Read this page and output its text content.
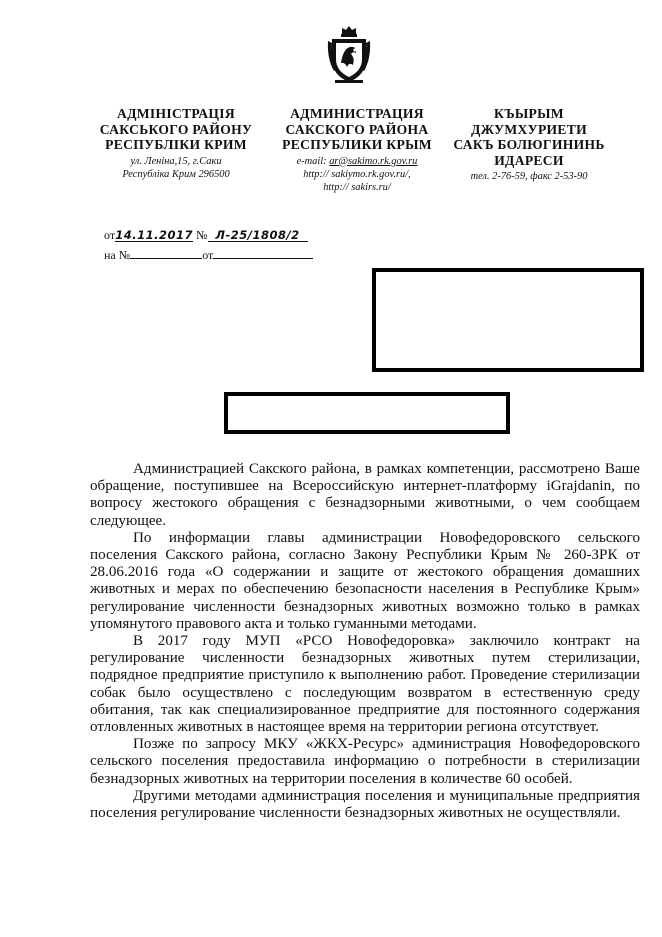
АДМІНІСТРАЦІЯ
САКСЬКОГО РАЙОНУ
РЕСПУБЛІКИ КРИМ
ул. Леніна,15, г.Саки
Республіка Крим 296500
АДМИНИСТРАЦИЯ
САКСКОГО РАЙОНА
РЕСПУБЛИКИ КРЫМ
e-mail: ar@sakimo.rk.gov.ru
http:// sakiymo.rk.gov.ru/,
http:// sakirs.ru/
КЪЫРЫМ ДЖУМХУРИЕТИ
САКЪ БОЛЮГИНИНЬ
ИДАРЕСИ
тел. 2-76-59, факс 2-53-90
от14.11.2017 № Л-25/1808/2
на №	от

Администрацией Сакского района, в рамках компетенции, рассмотрено Ваше обращение, поступившее на Всероссийскую интернет-платформу iGrajdanin, по вопросу жестокого обращения с безнадзорными животными, о чем сообщаем следующее.

По информации главы администрации Новофедоровского сельского поселения Сакского района, согласно Закону Республики Крым № 260-ЗРК от 28.06.2016 года «О содержании и защите от жестокого обращения домашних животных и мерах по обеспечению безопасности населения в Республике Крым» регулирование численности безнадзорных животных возможно только в рамках упомянутого правового акта и только гуманными методами.

В 2017 году МУП «РСО Новофедоровка» заключило контракт на регулирование численности безнадзорных животных путем стерилизации, подрядное предприятие приступило к выполнению работ. Проведение стерилизации собак было осуществлено с последующим возвратом в естественную среду обитания, так как специализированное предприятие для постоянного содержания отловленных животных в настоящее время на территории региона отсутствует.

Позже по запросу МКУ «ЖКХ-Ресурс» администрация Новофедоровского сельского поселения предоставила информацию о потребности в стерилизации безнадзорных животных на территории поселения в количестве 60 особей.

Другими методами администрация поселения и муниципальные предприятия поселения регулирование численности безнадзорных животных не осуществляли.
